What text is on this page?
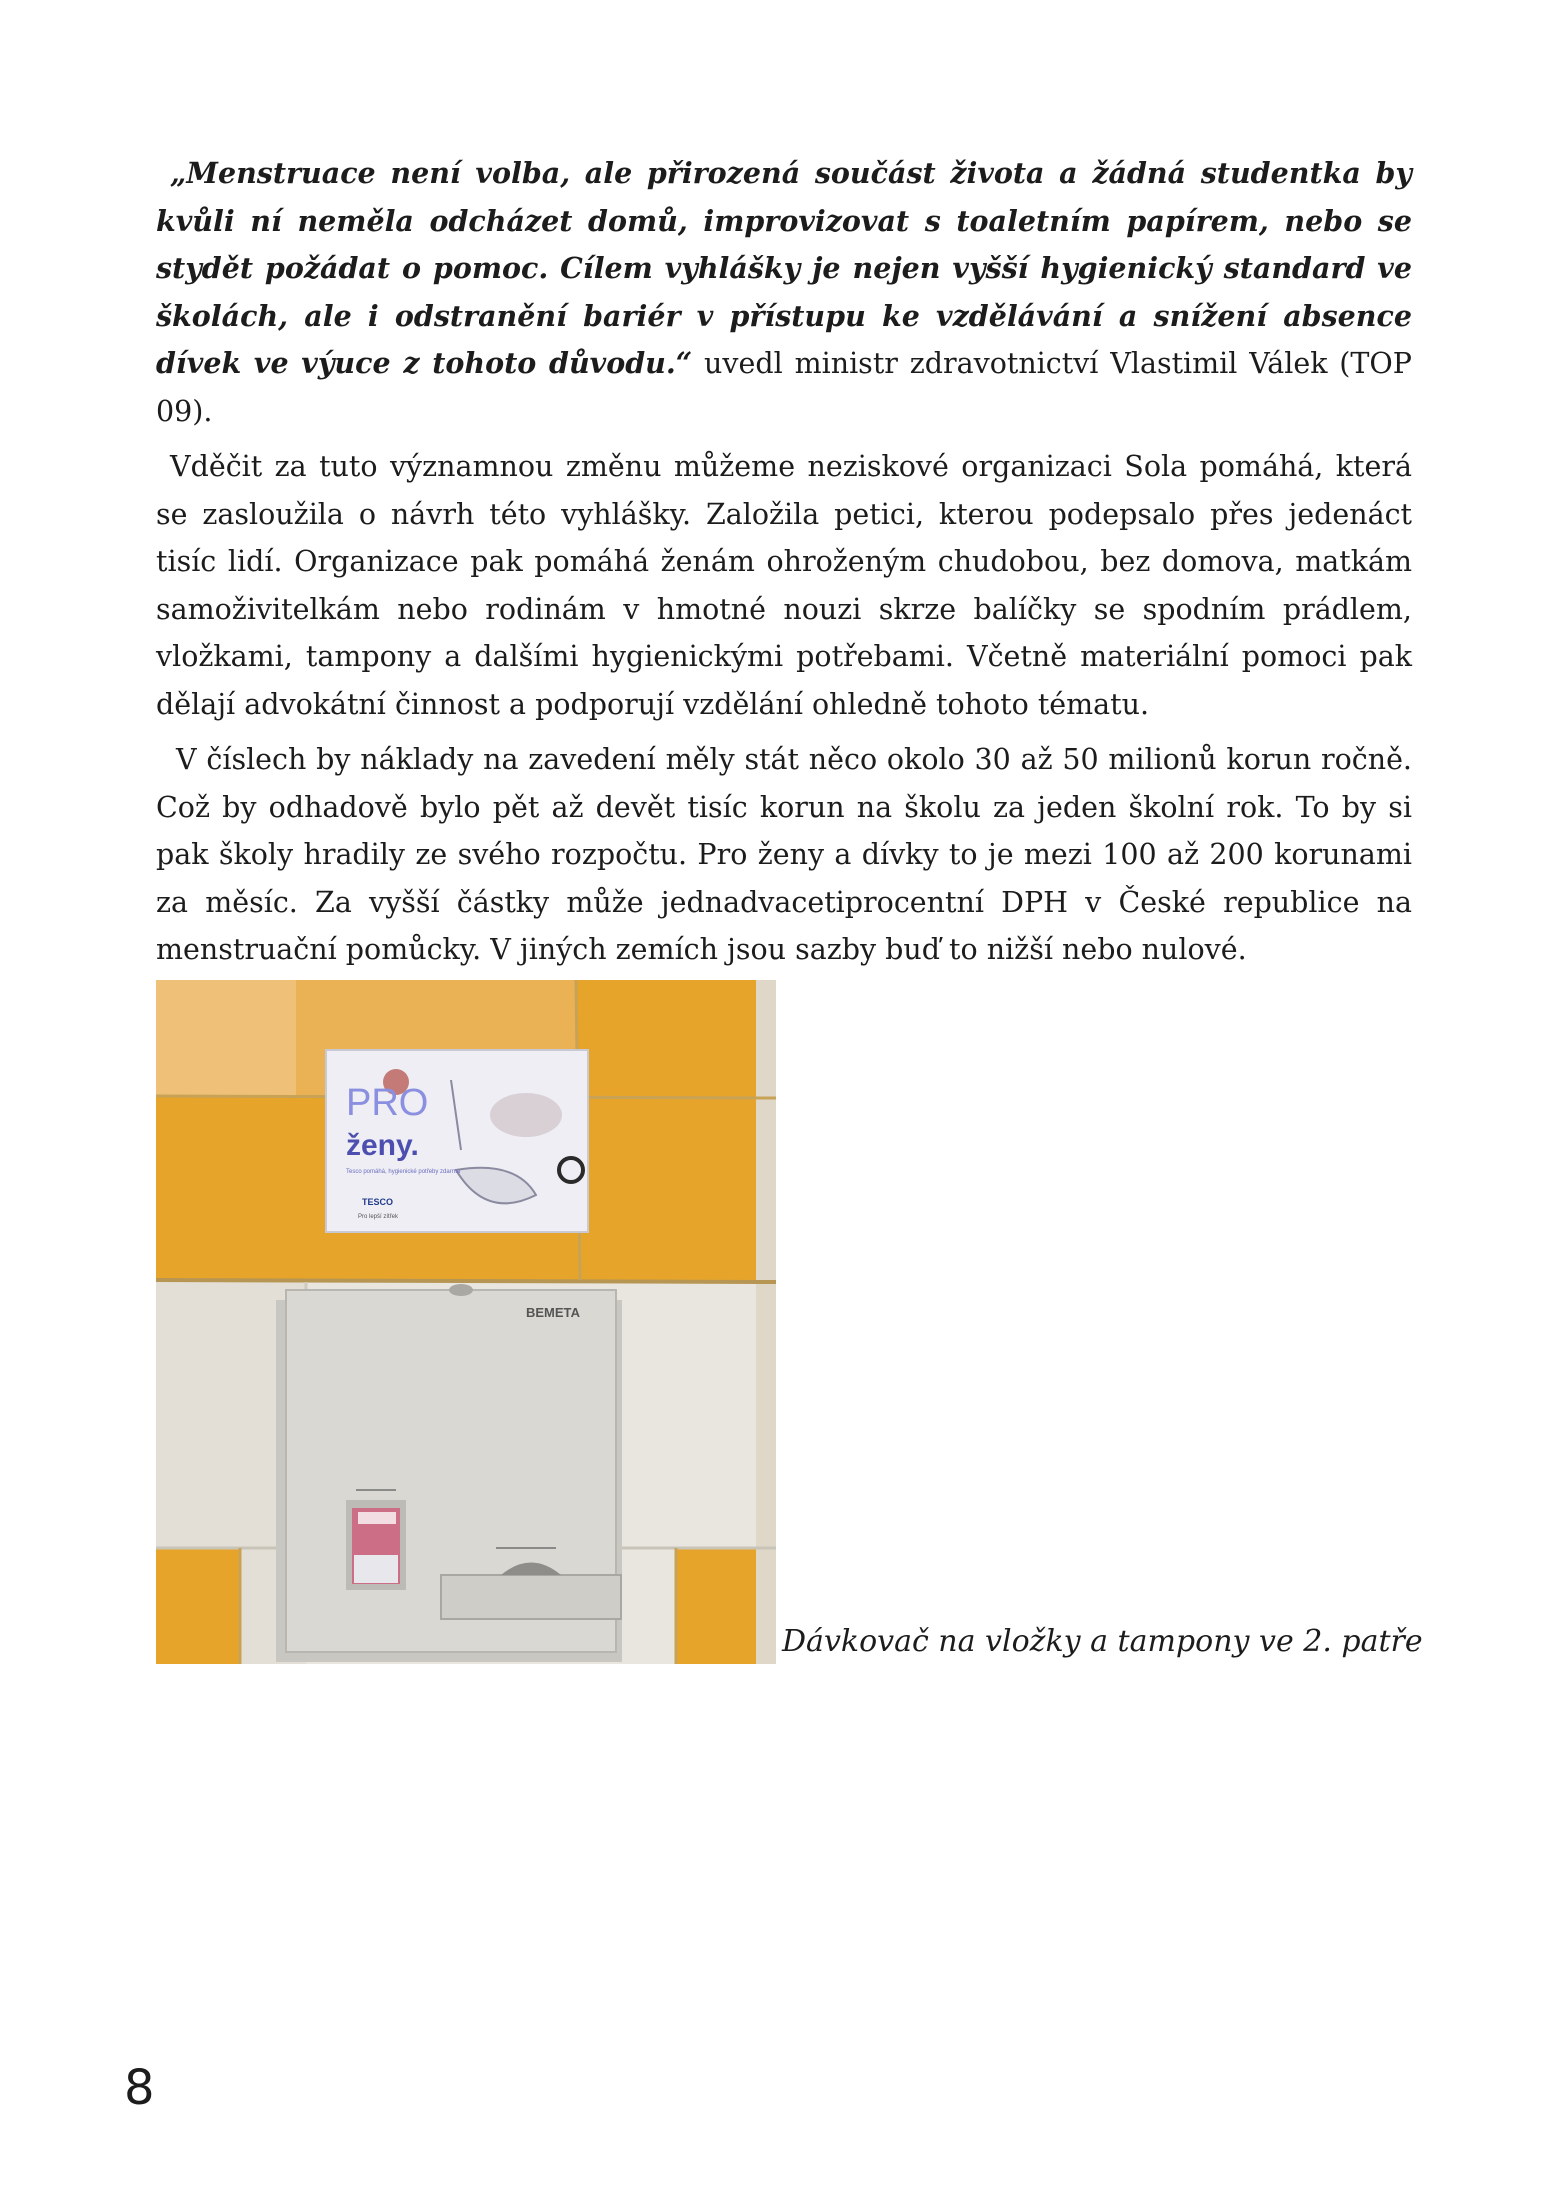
„Menstruace není volba, ale přirozená součást života a žádná studentka by kvůli ní neměla odcházet domů, improvizovat s toaletním papírem, nebo se stydět požádat o pomoc. Cílem vyhlášky je nejen vyšší hygienický standard ve školách, ale i odstranění bariér v přístupu ke vzdělávání a snížení absence dívek ve výuce z tohoto důvodu.“ uvedl ministr zdravotnictví Vlastimil Válek (TOP 09).

Vděčit za tuto významnou změnu můžeme neziskové organizaci Sola pomáhá, která se zasloužila o návrh této vyhlášky. Založila petici, kterou podepsalo přes jedenáct tisíc lidí. Organizace pak pomáhá ženám ohroženým chudobou, bez domova, matkám samoživitelkám nebo rodinám v hmotné nouzi skrze balíčky se spodním prádlem, vložkami, tampony a dalšími hygienickými potřebami. Včetně materiální pomoci pak dělají advokátní činnost a podporují vzdělání ohledně tohoto tématu.

V číslech by náklady na zavedení měly stát něco okolo 30 až 50 milionů korun ročně. Což by odhadově bylo pět až devět tisíc korun na školu za jeden školní rok. To by si pak školy hradily ze svého rozpočtu. Pro ženy a dívky to je mezi 100 až 200 korunami za měsíc. Za vyšší částky může jednadvacetiprocentní DPH v České republice na menstruační pomůcky. V jiných zemích jsou sazby buď to nižší nebo nulové.

PRO
ženy.
Tesco pomáhá, hygienické potřeby zdarma
TESCO
Pro lepší zítřek
ВЕМЕТА
Dávkovač na vložky a tampony ve 2. patře
8
